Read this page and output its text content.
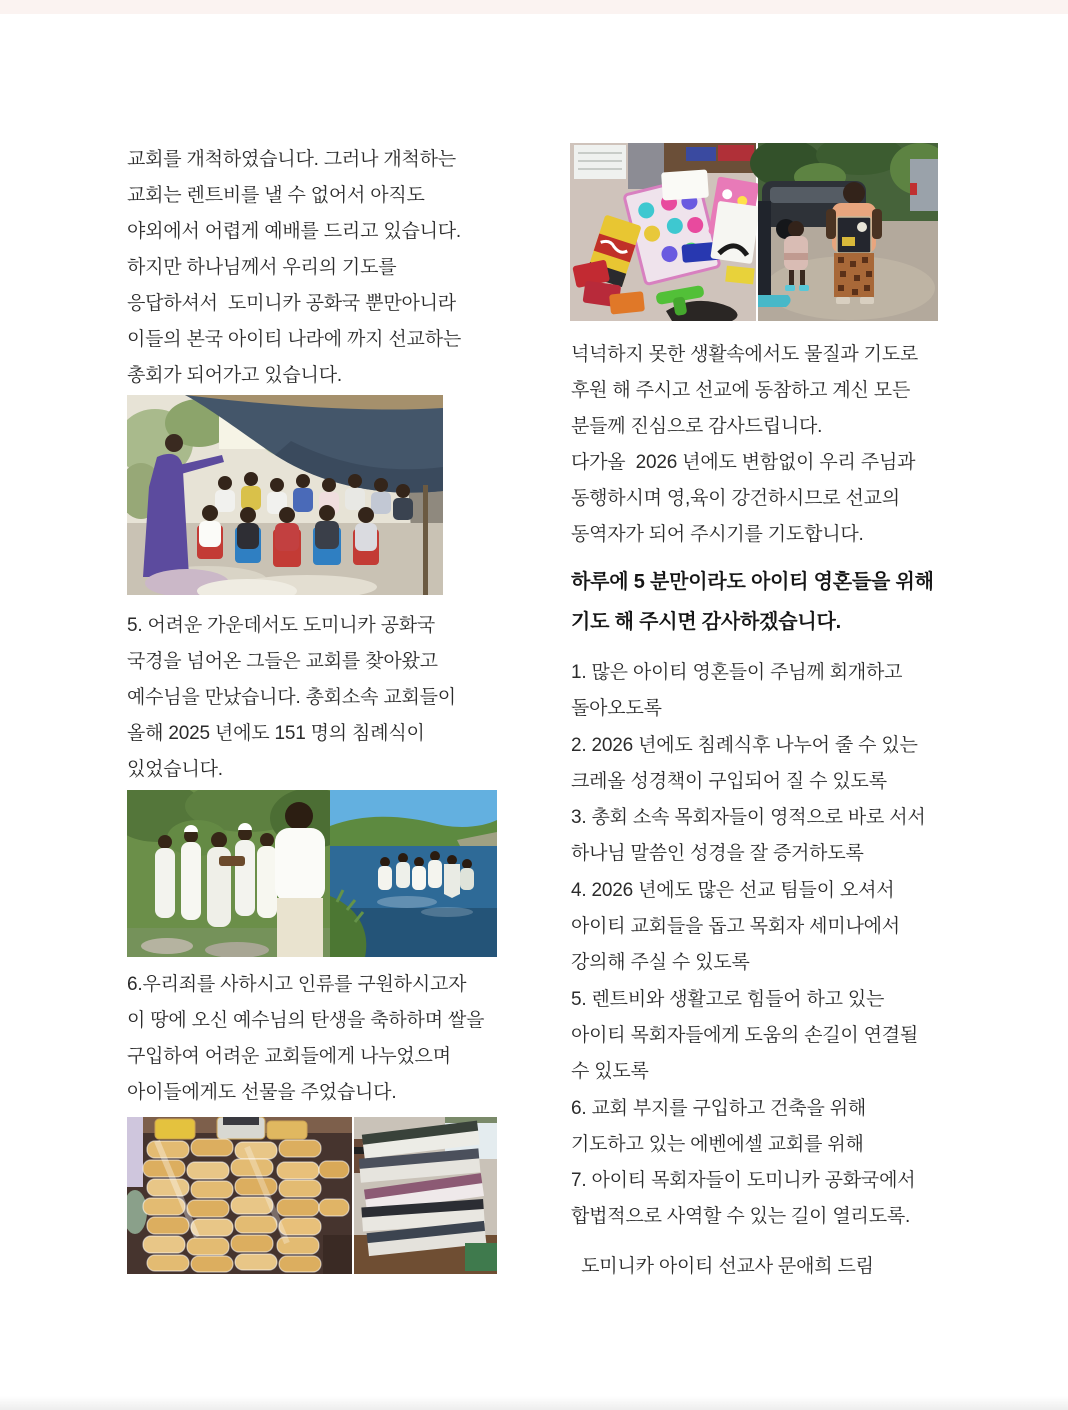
교회를 개척하였습니다. 그러나 개척하는
교회는 렌트비를 낼 수 없어서 아직도
야외에서 어렵게 예배를 드리고 있습니다.
하지만 하나님께서 우리의 기도를
응답하셔서  도미니카 공화국 뿐만아니라
이들의 본국 아이티 나라에 까지 선교하는
총회가 되어가고 있습니다.
5. 어려운 가운데서도 도미니카 공화국
국경을 넘어온 그들은 교회를 찾아왔고
예수님을 만났습니다. 총회소속 교회들이
올해 2025 년에도 151 명의 침례식이
있었습니다.
6.우리죄를 사하시고 인류를 구원하시고자
이 땅에 오신 예수님의 탄생을 축하하며 쌀을
구입하여 어려운 교회들에게 나누었으며
아이들에게도 선물을 주었습니다.
넉넉하지 못한 생활속에서도 물질과 기도로
후원 해 주시고 선교에 동참하고 계신 모든
분들께 진심으로 감사드립니다.
다가올  2026 년에도 변함없이 우리 주님과
동행하시며 영,육이 강건하시므로 선교의
동역자가 되어 주시기를 기도합니다.
하루에 5 분만이라도 아이티 영혼들을 위해
기도 해 주시면 감사하겠습니다.
1. 많은 아이티 영혼들이 주님께 회개하고
돌아오도록
2. 2026 년에도 침례식후 나누어 줄 수 있는
크레올 성경책이 구입되어 질 수 있도록
3. 총회 소속 목회자들이 영적으로 바로 서서
하나님 말씀인 성경을 잘 증거하도록
4. 2026 년에도 많은 선교 팀들이 오셔서
아이티 교회들을 돕고 목회자 세미나에서
강의해 주실 수 있도록
5. 렌트비와 생활고로 힘들어 하고 있는
아이티 목회자들에게 도움의 손길이 연결될
수 있도록
6. 교회 부지를 구입하고 건축을 위해
기도하고 있는 에벤에셀 교회를 위해
7. 아이티 목회자들이 도미니카 공화국에서
합법적으로 사역할 수 있는 길이 열리도록.
도미니카 아이티 선교사 문애희 드림
